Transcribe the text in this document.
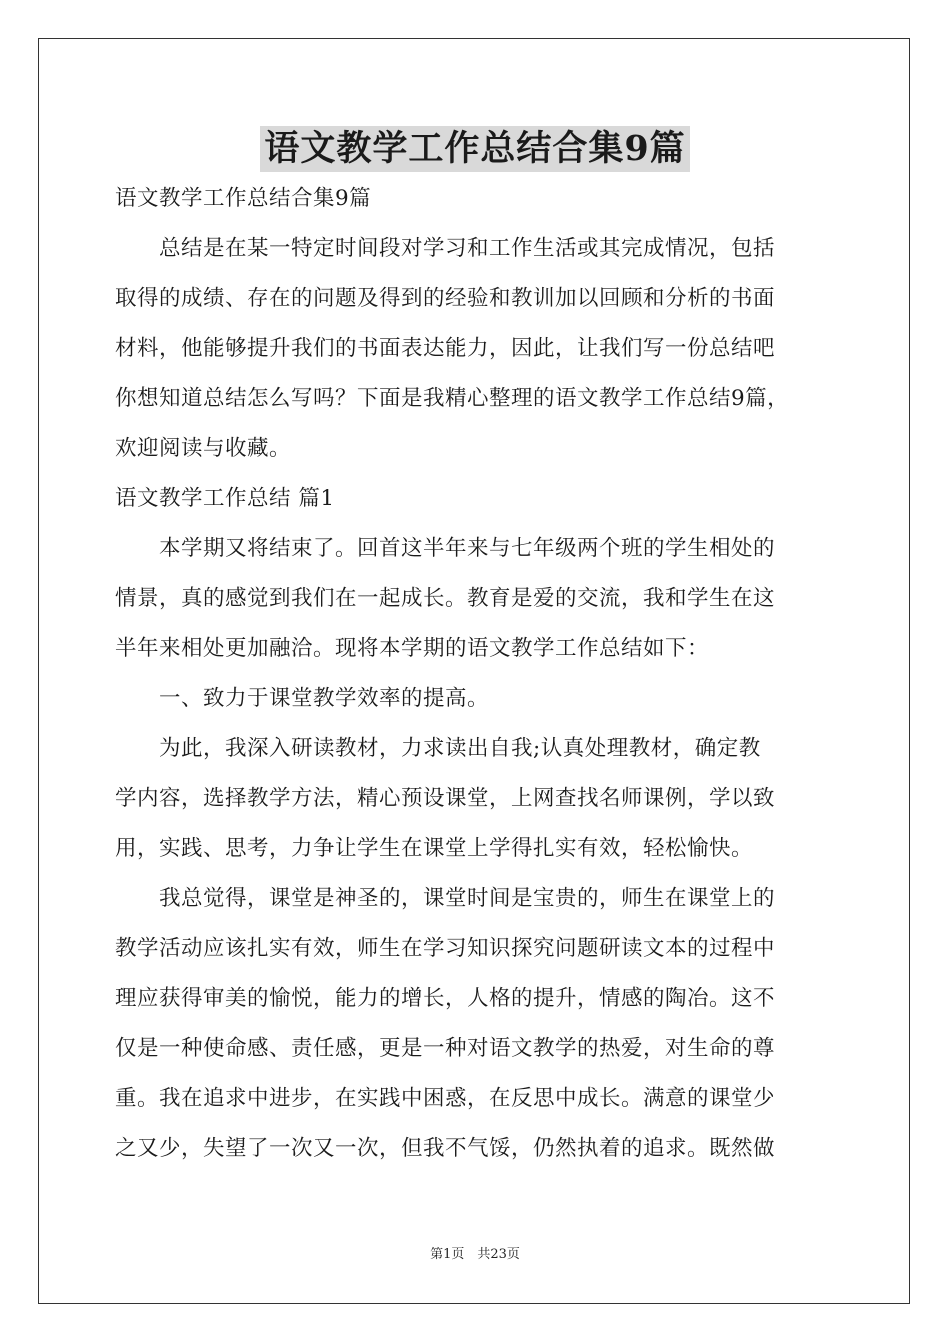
语文教学工作总结合集9篇
语文教学工作总结合集9篇
　　总结是在某一特定时间段对学习和工作生活或其完成情况，包括
取得的成绩、存在的问题及得到的经验和教训加以回顾和分析的书面
材料，他能够提升我们的书面表达能力，因此，让我们写一份总结吧
你想知道总结怎么写吗？下面是我精心整理的语文教学工作总结9篇，
欢迎阅读与收藏。
语文教学工作总结 篇1
　　本学期又将结束了。回首这半年来与七年级两个班的学生相处的
情景，真的感觉到我们在一起成长。教育是爱的交流，我和学生在这
半年来相处更加融洽。现将本学期的语文教学工作总结如下：
　　一、致力于课堂教学效率的提高。
　　为此，我深入研读教材，力求读出自我;认真处理教材，确定教
学内容，选择教学方法，精心预设课堂，上网查找名师课例，学以致
用，实践、思考，力争让学生在课堂上学得扎实有效，轻松愉快。
　　我总觉得，课堂是神圣的，课堂时间是宝贵的，师生在课堂上的
教学活动应该扎实有效，师生在学习知识探究问题研读文本的过程中
理应获得审美的愉悦，能力的增长，人格的提升，情感的陶冶。这不
仅是一种使命感、责任感，更是一种对语文教学的热爱，对生命的尊
重。我在追求中进步，在实践中困惑，在反思中成长。满意的课堂少
之又少，失望了一次又一次，但我不气馁，仍然执着的追求。既然做
第1页　共23页
